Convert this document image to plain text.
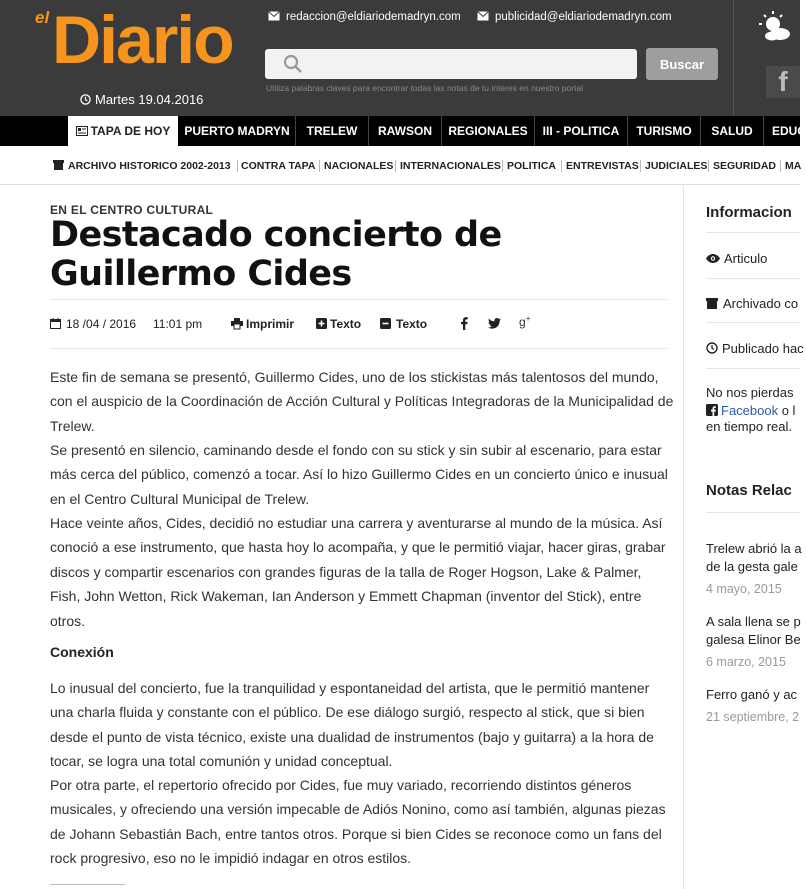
el Diario
Martes 19.04.2016
redaccion@eldiariodemadryn.com	publicidad@eldiariodemadryn.com
Buscar
Utiliza palabras claves para encontrar todas las notas de tu interes en nuestro portal	f
TAPA DE HOY	PUERTO MADRYN	TRELEW	RAWSON	REGIONALES	III - POLITICA	TURISMO	SALUD	EDUC
ARCHIVO HISTORICO 2002-2013 CONTRA TAPA NACIONALES INTERNACIONALES POLITICA ENTREVISTAS JUDICIALES SEGURIDAD MA
EN EL CENTRO CULTURAL
Destacado concierto de Guillermo Cides
18 /04 / 2016 11:01 pm	Imprimir	Texto	Texto	g+

Este fin de semana se presentó, Guillermo Cides, uno de los stickistas más talentosos del mundo, con el auspicio de la Coordinación de Acción Cultural y Políticas Integradoras de la Municipalidad de Trelew.

Se presentó en silencio, caminando desde el fondo con su stick y sin subir al escenario, para estar más cerca del público, comenzó a tocar. Así lo hizo Guillermo Cides en un concierto único e inusual en el Centro Cultural Municipal de Trelew.

Hace veinte años, Cides, decidió no estudiar una carrera y aventurarse al mundo de la música. Así conoció a ese instrumento, que hasta hoy lo acompaña, y que le permitió viajar, hacer giras, grabar discos y compartir escenarios con grandes figuras de la talla de Roger Hogson, Lake & Palmer, Fish, John Wetton, Rick Wakeman, Ian Anderson y Emmett Chapman (inventor del Stick), entre otros.

Conexión

Lo inusual del concierto, fue la tranquilidad y espontaneidad del artista, que le permitió mantener una charla fluida y constante con el público. De ese diálogo surgió, respecto al stick, que si bien desde el punto de vista técnico, existe una dualidad de instrumentos (bajo y guitarra) a la hora de tocar, se logra una total comunión y unidad conceptual.

Por otra parte, el repertorio ofrecido por Cides, fue muy variado, recorriendo distintos géneros musicales, y ofreciendo una versión impecable de Adiós Nonino, como así también, algunas piezas de Johann Sebastián Bach, entre tantos otros. Porque si bien Cides se reconoce como un fans del rock progresivo, eso no le impidió indagar en otros estilos.

Informacion
Articulo
Archivado co
Publicado hac
No nos pierdas
Facebook o l
en tiempo real.
Notas Relac
Trelew abrió la a
de la gesta gale
4 mayo, 2015
A sala llena se p
galesa Elinor Be
6 marzo, 2015
Ferro ganó y ac
21 septiembre, 2
